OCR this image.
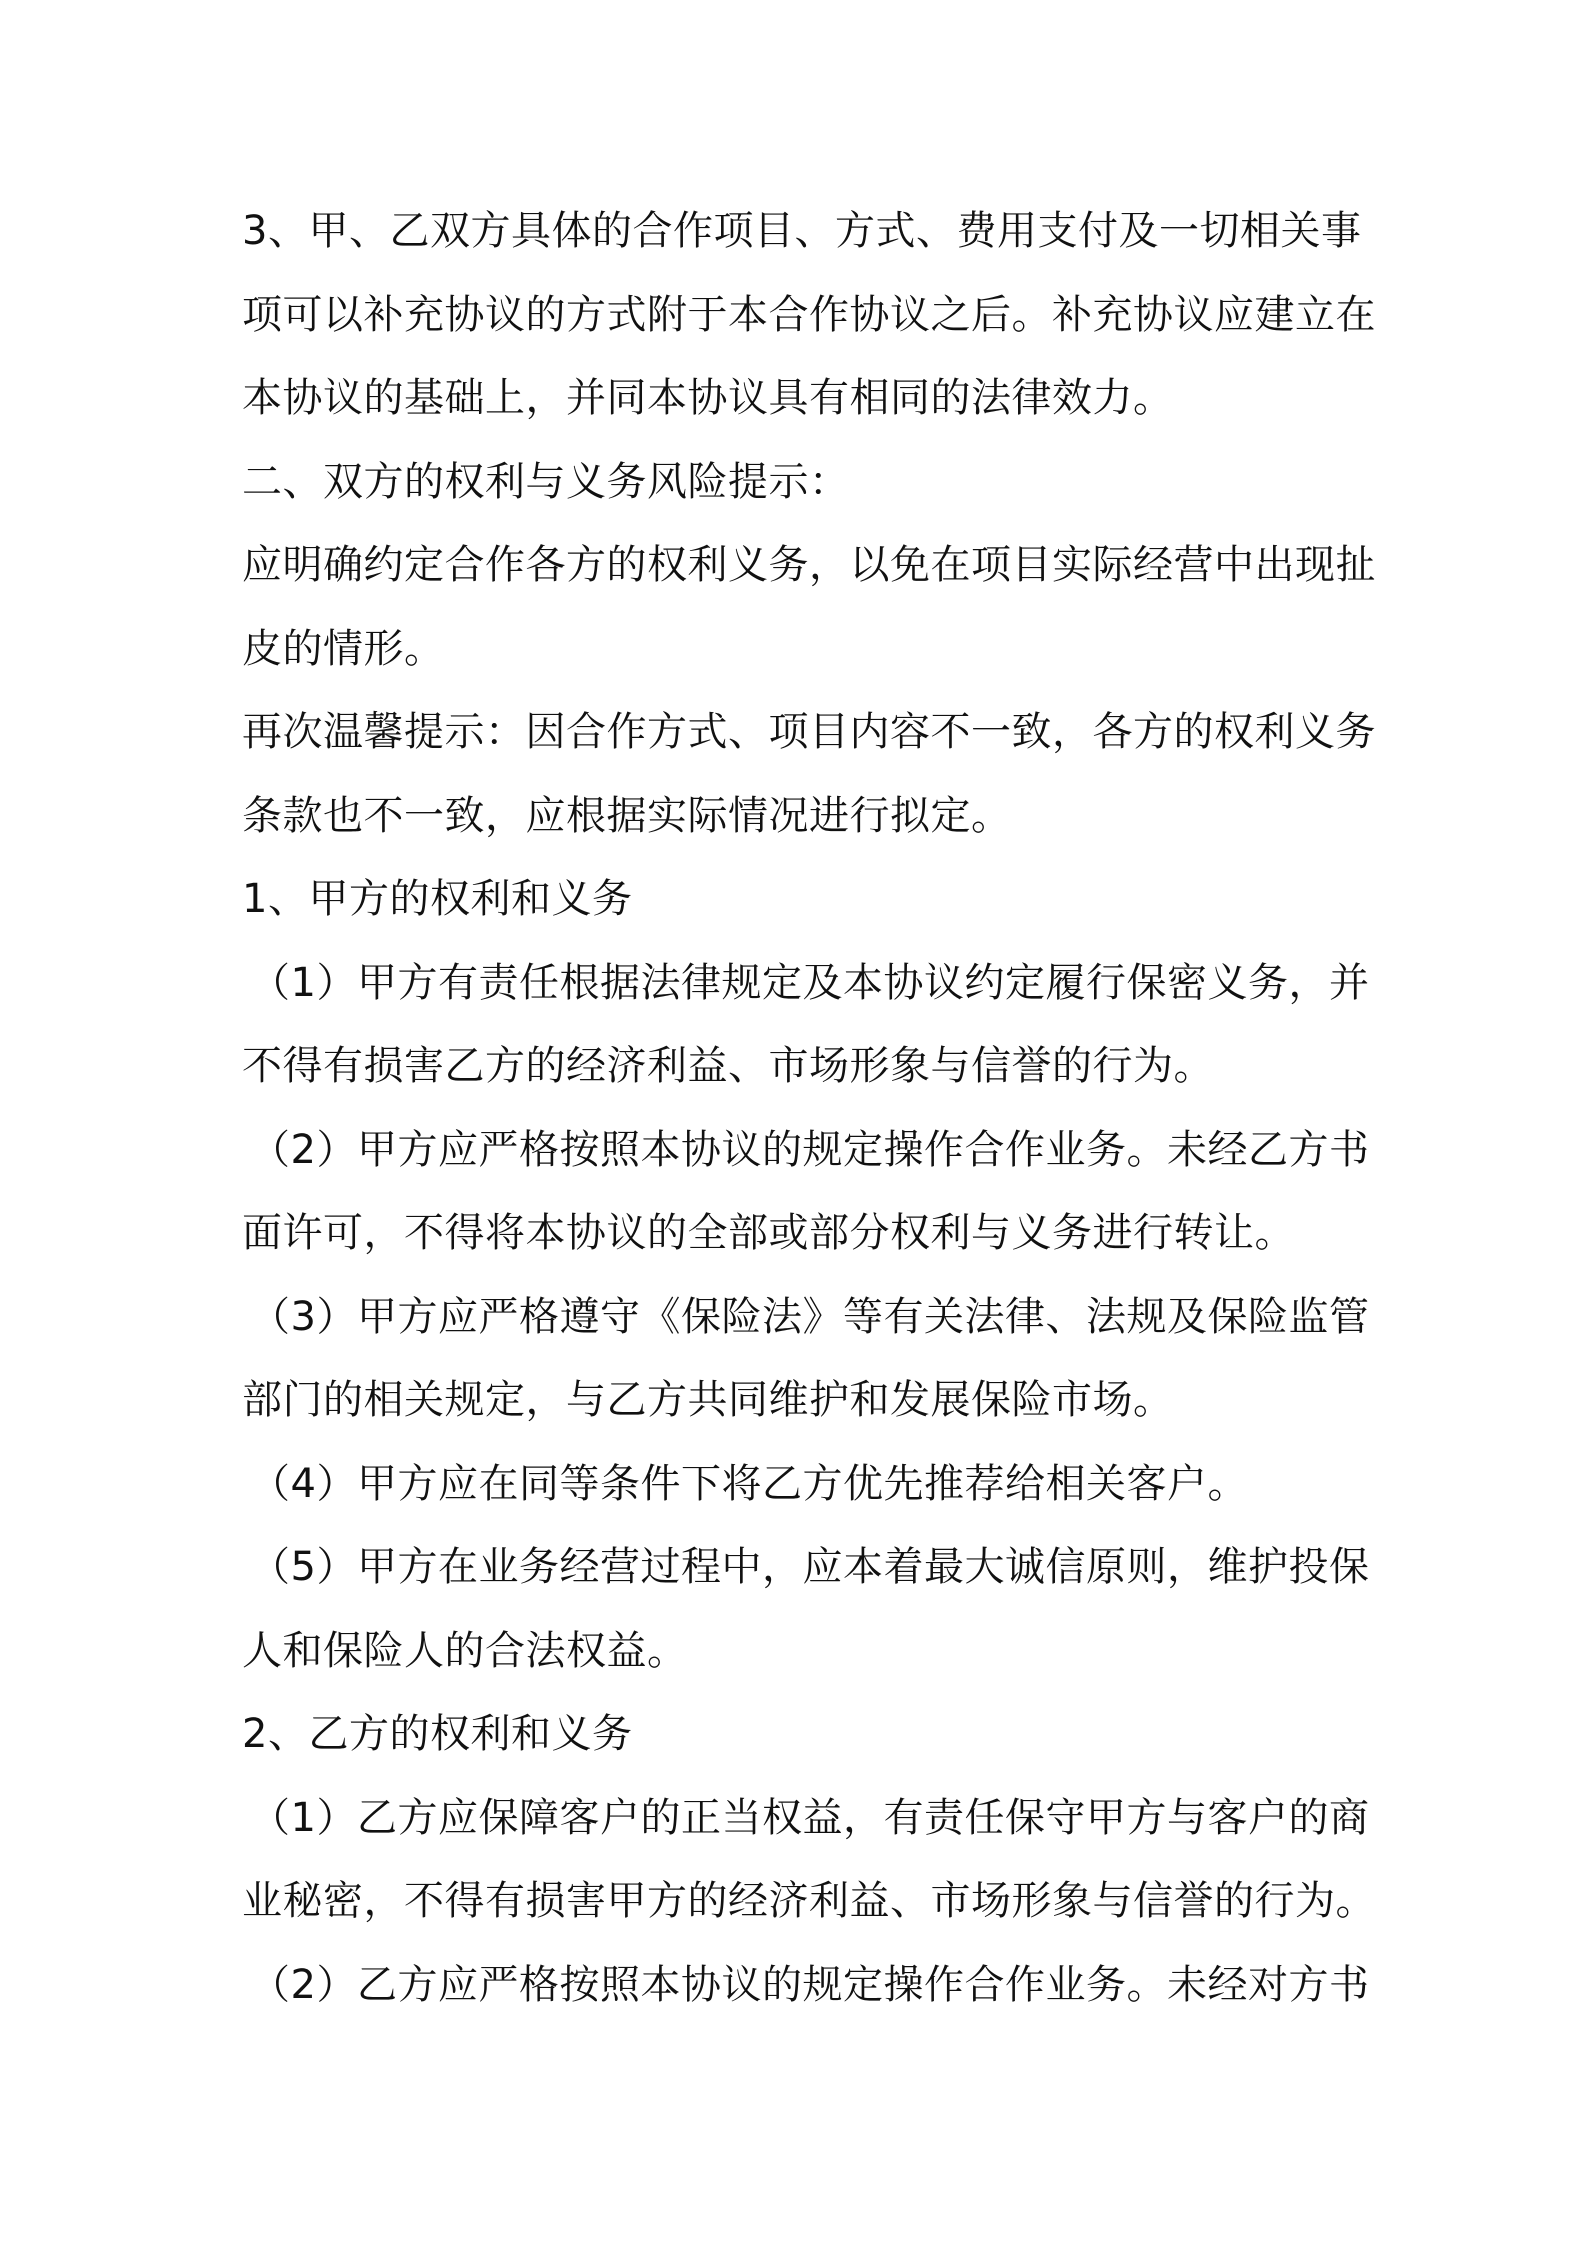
3、甲、乙双方具体的合作项目、方式、费用支付及一切相关事
项可以补充协议的方式附于本合作协议之后。补充协议应建立在
本协议的基础上，并同本协议具有相同的法律效力。
二、双方的权利与义务风险提示：
应明确约定合作各方的权利义务，以免在项目实际经营中出现扯
皮的情形。
再次温馨提示：因合作方式、项目内容不一致，各方的权利义务
条款也不一致，应根据实际情况进行拟定。
1、甲方的权利和义务
（1）甲方有责任根据法律规定及本协议约定履行保密义务，并
不得有损害乙方的经济利益、市场形象与信誉的行为。
（2）甲方应严格按照本协议的规定操作合作业务。未经乙方书
面许可，不得将本协议的全部或部分权利与义务进行转让。
（3）甲方应严格遵守《保险法》等有关法律、法规及保险监管
部门的相关规定，与乙方共同维护和发展保险市场。
（4）甲方应在同等条件下将乙方优先推荐给相关客户。
（5）甲方在业务经营过程中，应本着最大诚信原则，维护投保
人和保险人的合法权益。
2、乙方的权利和义务
（1）乙方应保障客户的正当权益，有责任保守甲方与客户的商
业秘密，不得有损害甲方的经济利益、市场形象与信誉的行为。
（2）乙方应严格按照本协议的规定操作合作业务。未经对方书
